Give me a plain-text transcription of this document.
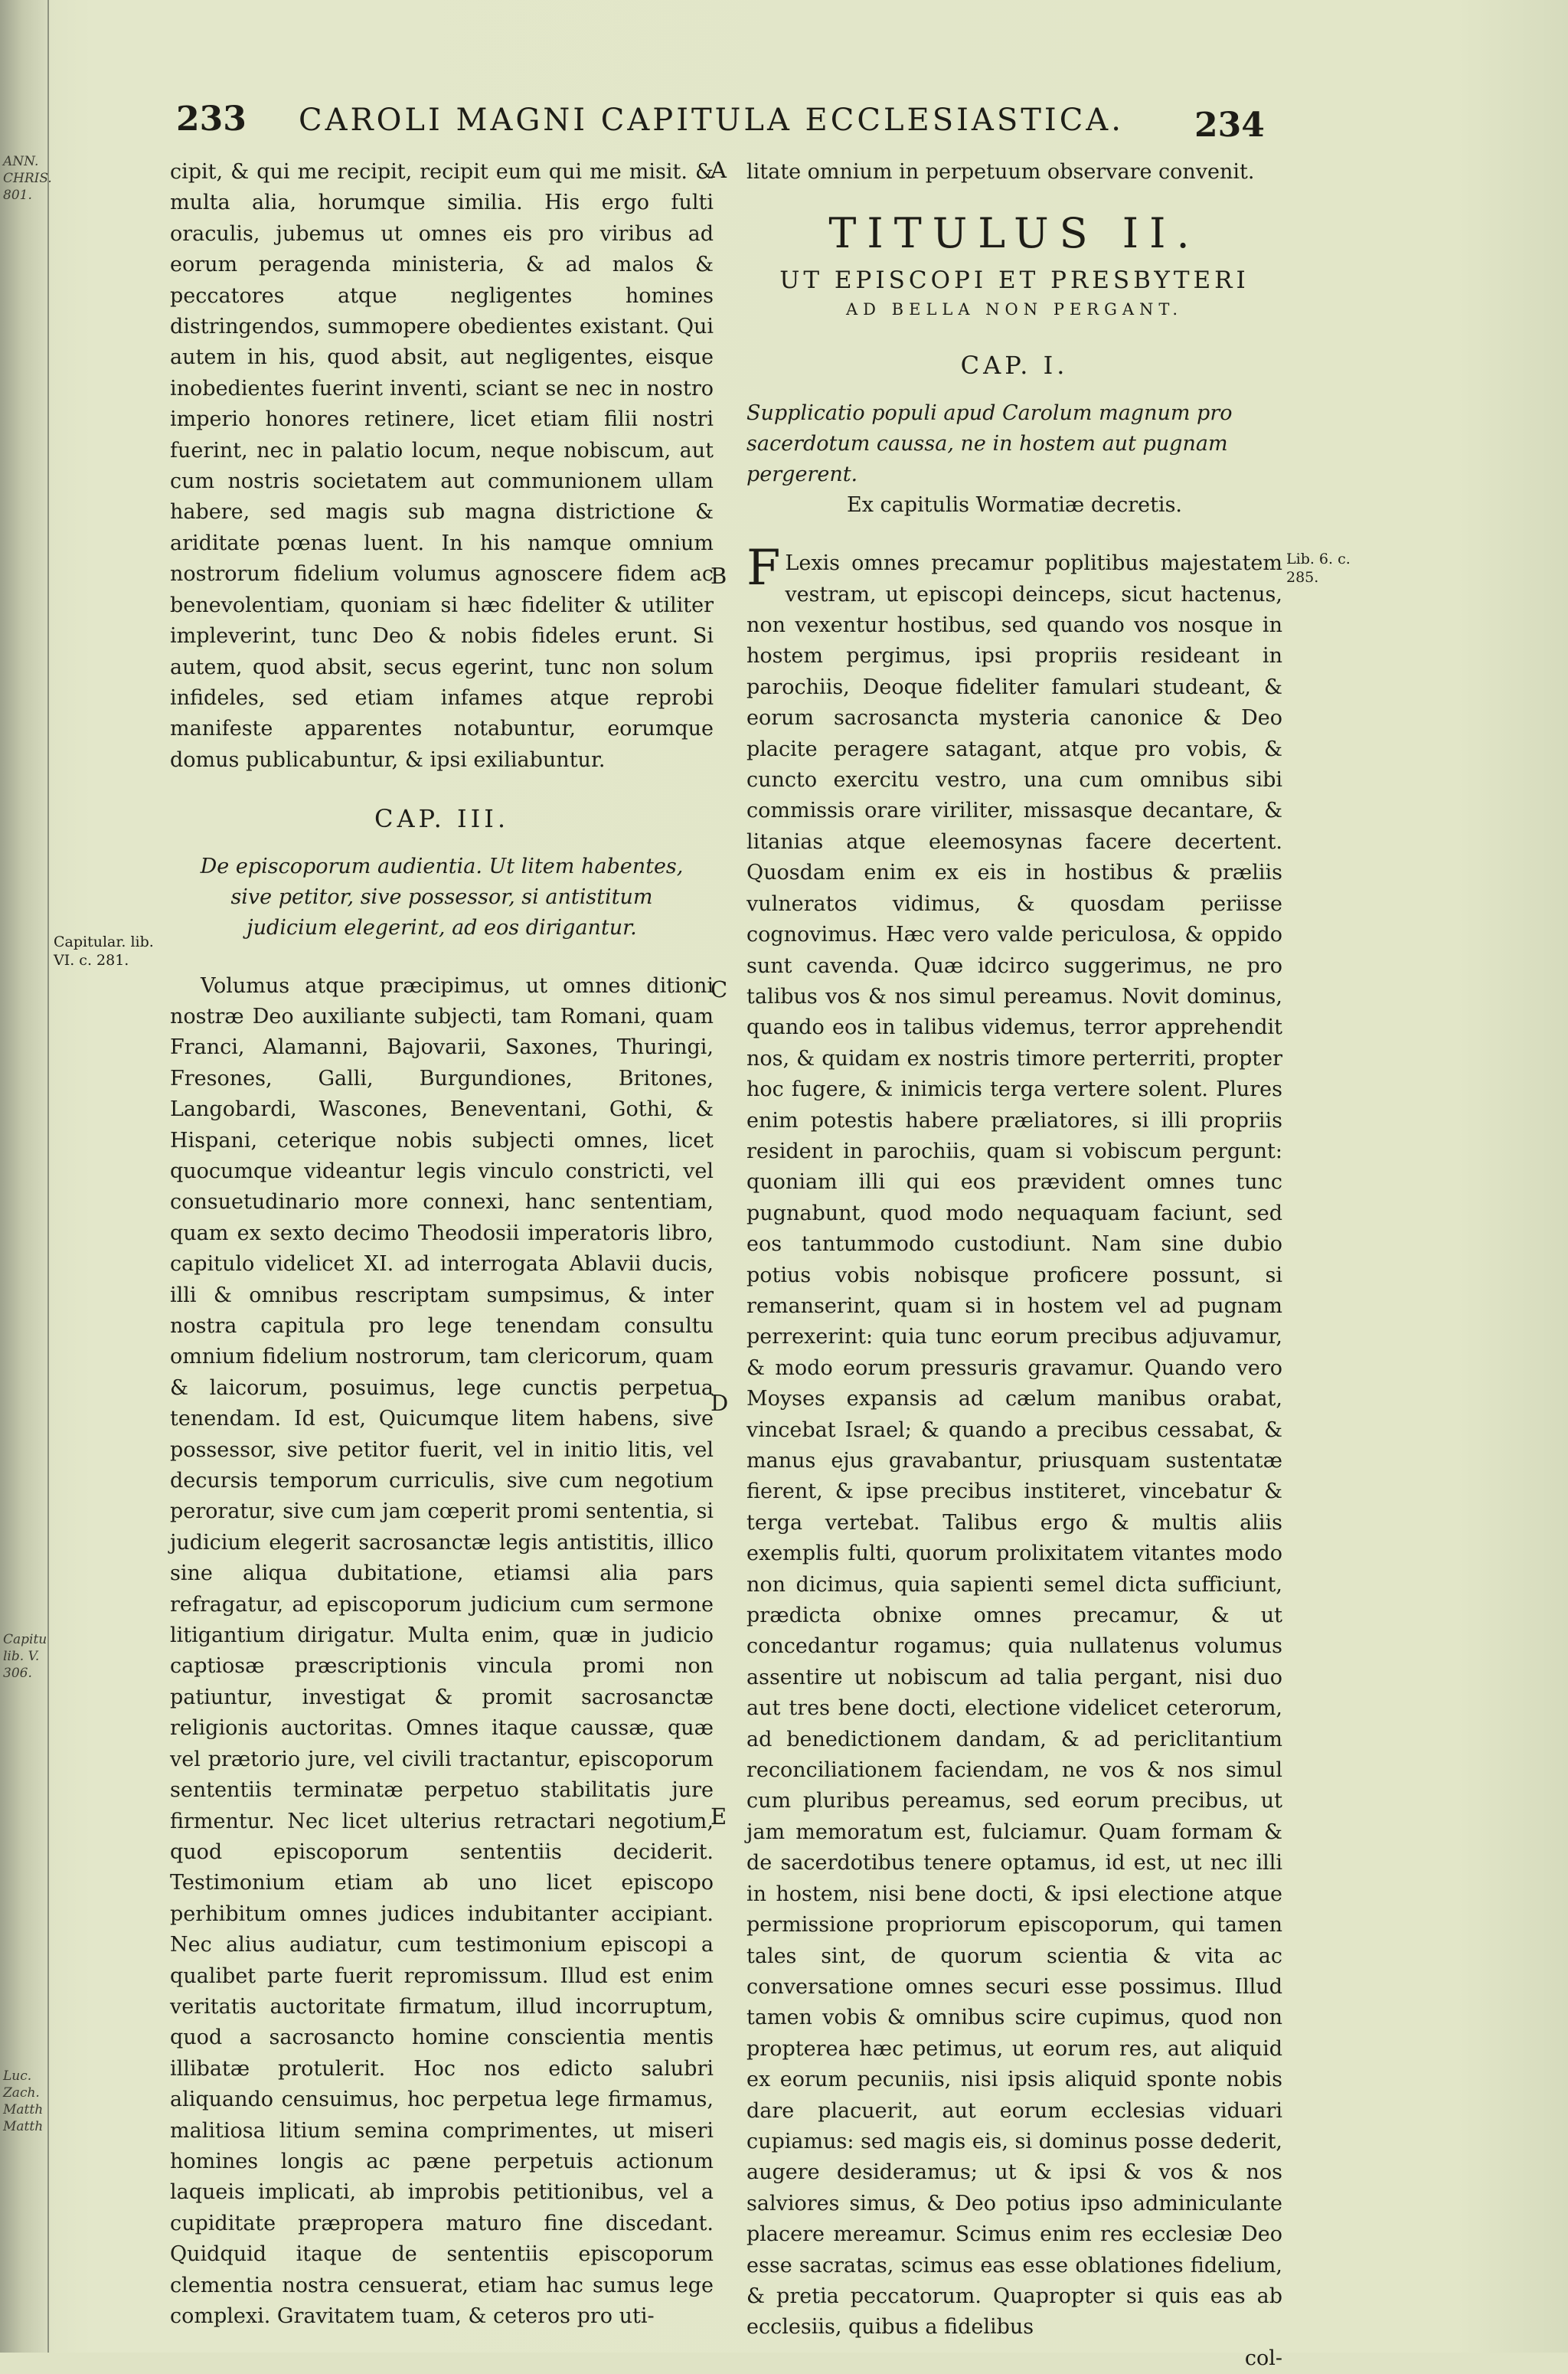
ANN.
CHRIS.
801.
Capitu
lib. V.
306.
Luc.
Zach.
Matth
Matth
233 CAROLI MAGNI CAPITULA ECCLESIASTICA. 234

cipit, & qui me recipit, recipit eum qui me misit. & multa alia, horumque similia. His ergo fulti oraculis, jubemus ut omnes eis pro viribus ad eorum peragenda ministeria, & ad malos & peccatores atque negligentes homines distringendos, summopere obedientes existant. Qui autem in his, quod absit, aut negligentes, eisque inobedientes fuerint inventi, sciant se nec in nostro imperio honores retinere, licet etiam filii nostri fuerint, nec in palatio locum, neque nobiscum, aut cum nostris societatem aut communionem ullam habere, sed magis sub magna districtione & ariditate pœnas luent. In his namque omnium nostrorum fidelium volumus agnoscere fidem ac benevolentiam, quoniam si hæc fideliter & utiliter impleverint, tunc Deo & nobis fideles erunt. Si autem, quod absit, secus egerint, tunc non solum infideles, sed etiam infames atque reprobi manifeste apparentes notabuntur, eorumque domus publicabuntur, & ipsi exiliabuntur.

CAP. III.
De episcoporum audientia. Ut litem habentes, sive petitor, sive possessor, si antistitum judicium elegerint, ad eos dirigantur.

Volumus atque præcipimus, ut omnes ditioni nostræ Deo auxiliante subjecti, tam Romani, quam Franci, Alamanni, Bajovarii, Saxones, Thuringi, Fresones, Galli, Burgundiones, Britones, Langobardi, Wascones, Beneventani, Gothi, & Hispani, ceterique nobis subjecti omnes, licet quocumque videantur legis vinculo constricti, vel consuetudinario more connexi, hanc sententiam, quam ex sexto decimo Theodosii imperatoris libro, capitulo videlicet XI. ad interrogata Ablavii ducis, illi & omnibus rescriptam sumpsimus, & inter nostra capitula pro lege tenendam consultu omnium fidelium nostrorum, tam clericorum, quam & laicorum, posuimus, lege cunctis perpetua tenendam. Id est, Quicumque litem habens, sive possessor, sive petitor fuerit, vel in initio litis, vel decursis temporum curriculis, sive cum negotium peroratur, sive cum jam cœperit promi sententia, si judicium elegerit sacrosanctæ legis antistitis, illico sine aliqua dubitatione, etiamsi alia pars refragatur, ad episcoporum judicium cum sermone litigantium dirigatur. Multa enim, quæ in judicio captiosæ præscriptionis vincula promi non patiuntur, investigat & promit sacrosanctæ religionis auctoritas. Omnes itaque caussæ, quæ vel prætorio jure, vel civili tractantur, episcoporum sententiis terminatæ perpetuo stabilitatis jure firmentur. Nec licet ulterius retractari negotium, quod episcoporum sententiis deciderit. Testimonium etiam ab uno licet episcopo perhibitum omnes judices indubitanter accipiant. Nec alius audiatur, cum testimonium episcopi a qualibet parte fuerit repromissum. Illud est enim veritatis auctoritate firmatum, illud incorruptum, quod a sacrosancto homine conscientia mentis illibatæ protulerit. Hoc nos edicto salubri aliquando censuimus, hoc perpetua lege firmamus, malitiosa litium semina comprimentes, ut miseri homines longis ac pæne perpetuis actionum laqueis implicati, ab improbis petitionibus, vel a cupiditate præpropera maturo fine discedant. Quidquid itaque de sententiis episcoporum clementia nostra censuerat, etiam hac sumus lege complexi. Gravitatem tuam, & ceteros pro uti-

litate omnium in perpetuum observare convenit.

TITULUS II.
UT EPISCOPI ET PRESBYTERI
AD BELLA NON PERGANT.
CAP. I.
Supplicatio populi apud Carolum magnum pro sacerdotum caussa, ne in hostem aut pugnam pergerent.
Ex capitulis Wormatiæ decretis.

F Lexis omnes precamur poplitibus majestatem vestram, ut episcopi deinceps, sicut hactenus, non vexentur hostibus, sed quando vos nosque in hostem pergimus, ipsi propriis residеant in parochiis, Deoque fideliter famulari studeant, & eorum sacrosancta mysteria canonice & Deo placite peragere satagant, atque pro vobis, & cuncto exercitu vestro, una cum omnibus sibi commissis orare viriliter, missasque decantare, & litanias atque eleemosynas facere decertent. Quosdam enim ex eis in hostibus & præliis vulneratos vidimus, & quosdam periisse cognovimus. Hæc vero valde periculosa, & oppido sunt cavenda. Quæ idcirco suggerimus, ne pro talibus vos & nos simul pereamus. Novit dominus, quando eos in talibus videmus, terror apprehendit nos, & quidam ex nostris timore perterriti, propter hoc fugere, & inimicis terga vertere solent. Plures enim potestis habere præliatores, si illi propriis resident in parochiis, quam si vobiscum pergunt: quoniam illi qui eos prævident omnes tunc pugnabunt, quod modo nequaquam faciunt, sed eos tantummodo custodiunt. Nam sine dubio potius vobis nobisque proficere possunt, si remanserint, quam si in hostem vel ad pugnam perrexerint: quia tunc eorum precibus adjuvamur, & modo eorum pressuris gravamur. Quando vero Moyses expansis ad cælum manibus orabat, vincebat Israel; & quando a precibus cessabat, & manus ejus gravabantur, priusquam sustentatæ fierent, & ipse precibus institeret, vincebatur & terga vertebat. Talibus ergo & multis aliis exemplis fulti, quorum prolixitatem vitantes modo non dicimus, quia sapienti semel dicta sufficiunt, prædicta obnixe omnes precamur, & ut concedantur rogamus; quia nullatenus volumus assentire ut nobiscum ad talia pergant, nisi duo aut tres bene docti, electione videlicet ceterorum, ad benedictionem dandam, & ad periclitantium reconciliationem faciendam, ne vos & nos simul cum pluribus pereamus, sed eorum precibus, ut jam memoratum est, fulciamur. Quam formam & de sacerdotibus tenere optamus, id est, ut nec illi in hostem, nisi bene docti, & ipsi electione atque permissione propriorum episcoporum, qui tamen tales sint, de quorum scientia & vita ac conversatione omnes securi esse possimus. Illud tamen vobis & omnibus scire cupimus, quod non propterea hæc petimus, ut eorum res, aut aliquid ex eorum pecuniis, nisi ipsis aliquid sponte nobis dare placuerit, aut eorum ecclesias viduari cupiamus: sed magis eis, si dominus posse dederit, augere desideramus; ut & ipsi & vos & nos salviores simus, & Deo potius ipso adminiculante placere mereamur. Scimus enim res ecclesiæ Deo esse sacratas, scimus eas esse oblationes fidelium, & pretia peccatorum. Quapropter si quis eas ab ecclesiis, quibus a fidelibus

col-
A
B
C
D
E
Capitular. lib. VI. c. 281.
Lib. 6. c. 285.
